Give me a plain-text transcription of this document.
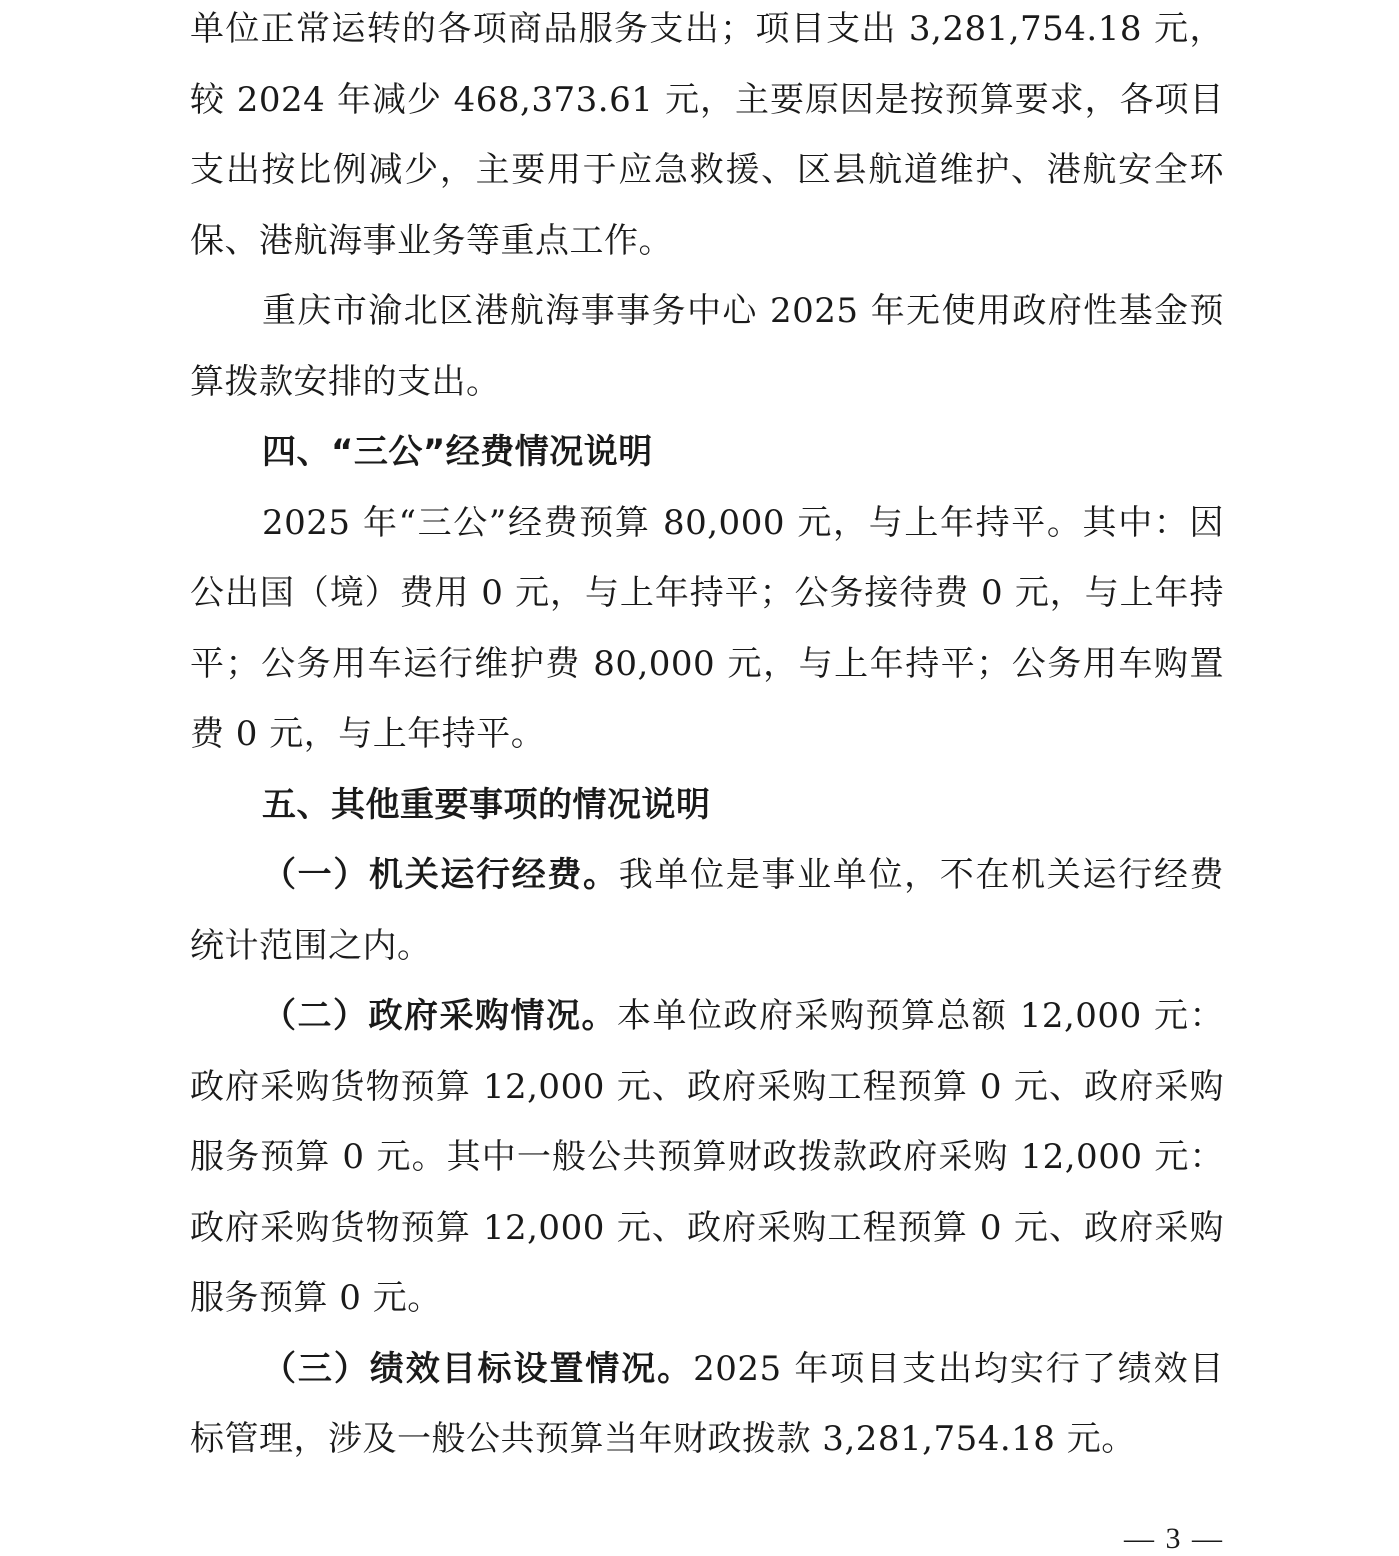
单位正常运转的各项商品服务支出；项目支出 3,281,754.18 元，较 2024 年减少 468,373.61 元，主要原因是按预算要求，各项目支出按比例减少，主要用于应急救援、区县航道维护、港航安全环保、港航海事业务等重点工作。

重庆市渝北区港航海事事务中心 2025 年无使用政府性基金预算拨款安排的支出。

四、“三公”经费情况说明

2025 年“三公”经费预算 80,000 元，与上年持平。其中：因公出国（境）费用 0 元，与上年持平；公务接待费 0 元，与上年持平；公务用车运行维护费 80,000 元，与上年持平；公务用车购置费 0 元，与上年持平。

五、其他重要事项的情况说明

（一）机关运行经费。我单位是事业单位，不在机关运行经费统计范围之内。

（二）政府采购情况。本单位政府采购预算总额 12,000 元：政府采购货物预算 12,000 元、政府采购工程预算 0 元、政府采购服务预算 0 元。其中一般公共预算财政拨款政府采购 12,000 元：政府采购货物预算 12,000 元、政府采购工程预算 0 元、政府采购服务预算 0 元。

（三）绩效目标设置情况。2025 年项目支出均实行了绩效目标管理，涉及一般公共预算当年财政拨款 3,281,754.18 元。

— 3 —
